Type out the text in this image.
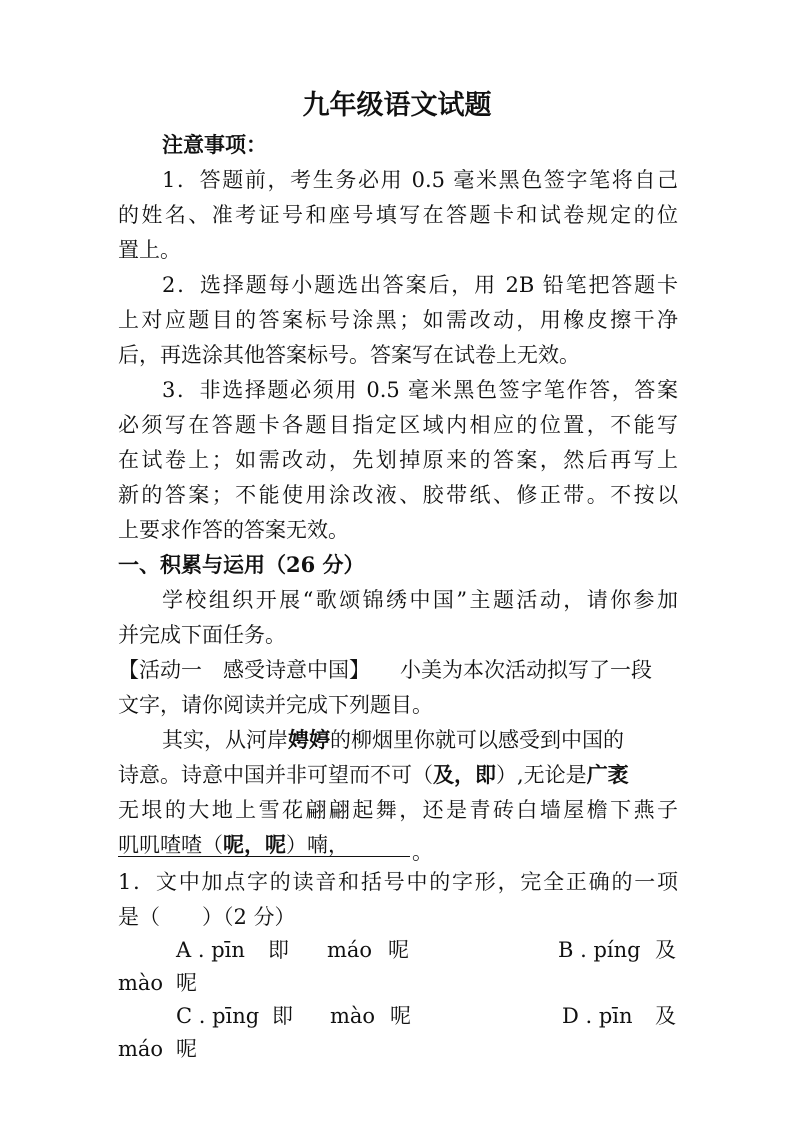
九年级语文试题
注意事项：
1．答题前，考生务必用 0.5 毫米黑色签字笔将自己
的姓名、准考证号和座号填写在答题卡和试卷规定的位
置上。
2．选择题每小题选出答案后，用 2B 铅笔把答题卡
上对应题目的答案标号涂黑；如需改动，用橡皮擦干净
后，再选涂其他答案标号。答案写在试卷上无效。
3．非选择题必须用 0.5 毫米黑色签字笔作答，答案
必须写在答题卡各题目指定区域内相应的位置，不能写
在试卷上；如需改动，先划掉原来的答案，然后再写上
新的答案；不能使用涂改液、胶带纸、修正带。不按以
上要求作答的答案无效。
一、积累与运用（26 分）
学校组织开展“歌颂锦绣中国”主题活动，请你参加
并完成下面任务。
【活动一　感受诗意中国】 小美为本次活动拟写了一段
文字，请你阅读并完成下列题目。
其实，从河岸娉婷的柳烟里你就可以感受到中国的
诗意。诗意中国并非可望而不可（及，即）,无论是广袤
无垠的大地上雪花翩翩起舞，还是青砖白墙屋檐下燕子
叽叽喳喳（呢，呢）喃，	。
1．文中加点字的读音和括号中的字形，完全正确的一项
是（　　）（2 分）
A . pīn 即 máo 呢	B . píng 及
mào 呢
C . pīng 即 mào 呢	D . pīn 及
máo 呢
